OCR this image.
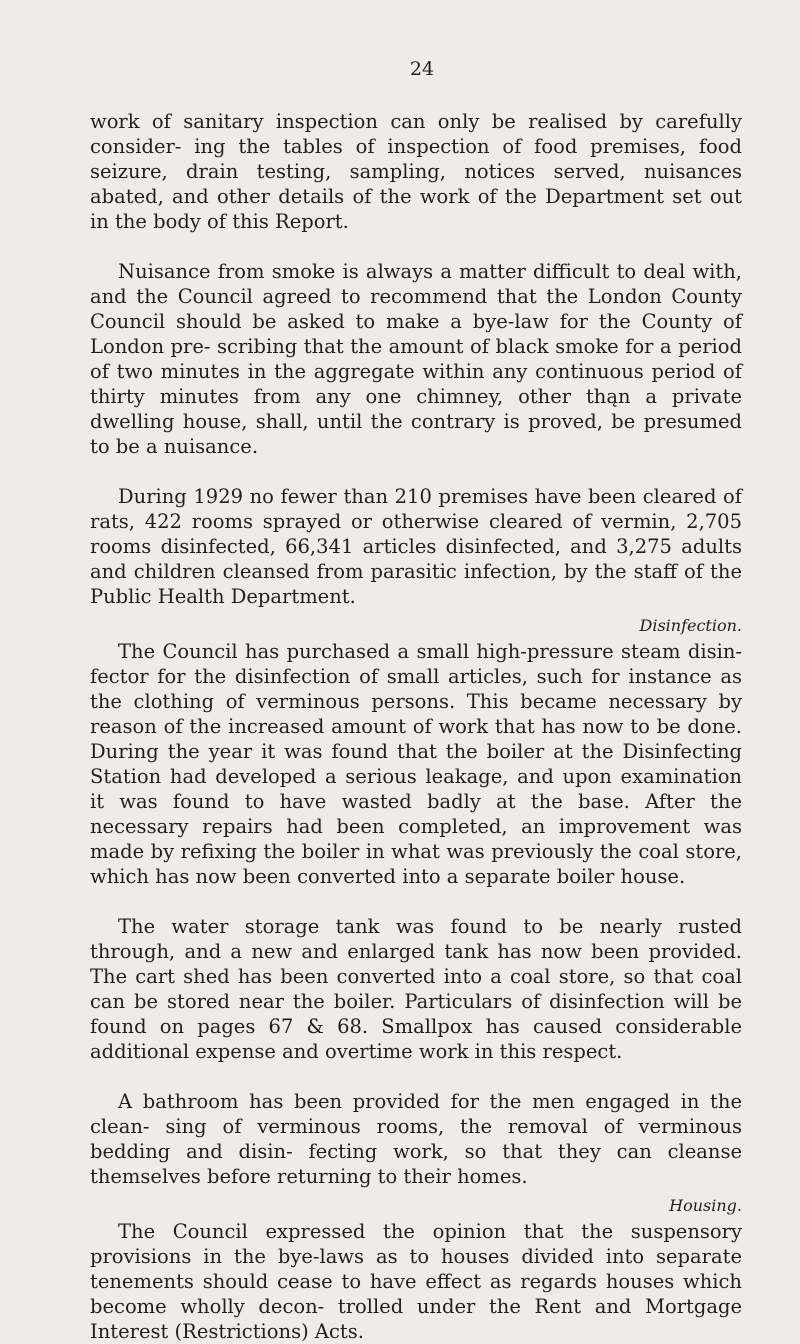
24

work of sanitary inspection can only be realised by carefully consider- ing the tables of inspection of food premises, food seizure, drain testing, sampling, notices served, nuisances abated, and other details of the work of the Department set out in the body of this Report.

Nuisance from smoke is always a matter difficult to deal with, and the Council agreed to recommend that the London County Council should be asked to make a bye-law for the County of London pre- scribing that the amount of black smoke for a period of two minutes in the aggregate within any continuous period of thirty minutes from any one chimney, other thąn a private dwelling house, shall, until the contrary is proved, be presumed to be a nuisance.

During 1929 no fewer than 210 premises have been cleared of rats, 422 rooms sprayed or otherwise cleared of vermin, 2,705 rooms disinfected, 66,341 articles disinfected, and 3,275 adults and children cleansed from parasitic infection, by the staff of the Public Health Department.

Disinfection.

The Council has purchased a small high-pressure steam disin- fector for the disinfection of small articles, such for instance as the clothing of verminous persons. This became necessary by reason of the increased amount of work that has now to be done. During the year it was found that the boiler at the Disinfecting Station had developed a serious leakage, and upon examination it was found to have wasted badly at the base. After the necessary repairs had been completed, an improvement was made by refixing the boiler in what was previously the coal store, which has now been converted into a separate boiler house.

The water storage tank was found to be nearly rusted through, and a new and enlarged tank has now been provided. The cart shed has been converted into a coal store, so that coal can be stored near the boiler. Particulars of disinfection will be found on pages 67 & 68. Smallpox has caused considerable additional expense and overtime work in this respect.

A bathroom has been provided for the men engaged in the clean- sing of verminous rooms, the removal of verminous bedding and disin- fecting work, so that they can cleanse themselves before returning to their homes.

Housing.

The Council expressed the opinion that the suspensory provisions in the bye-laws as to houses divided into separate tenements should cease to have effect as regards houses which become wholly decon- trolled under the Rent and Mortgage Interest (Restrictions) Acts.
